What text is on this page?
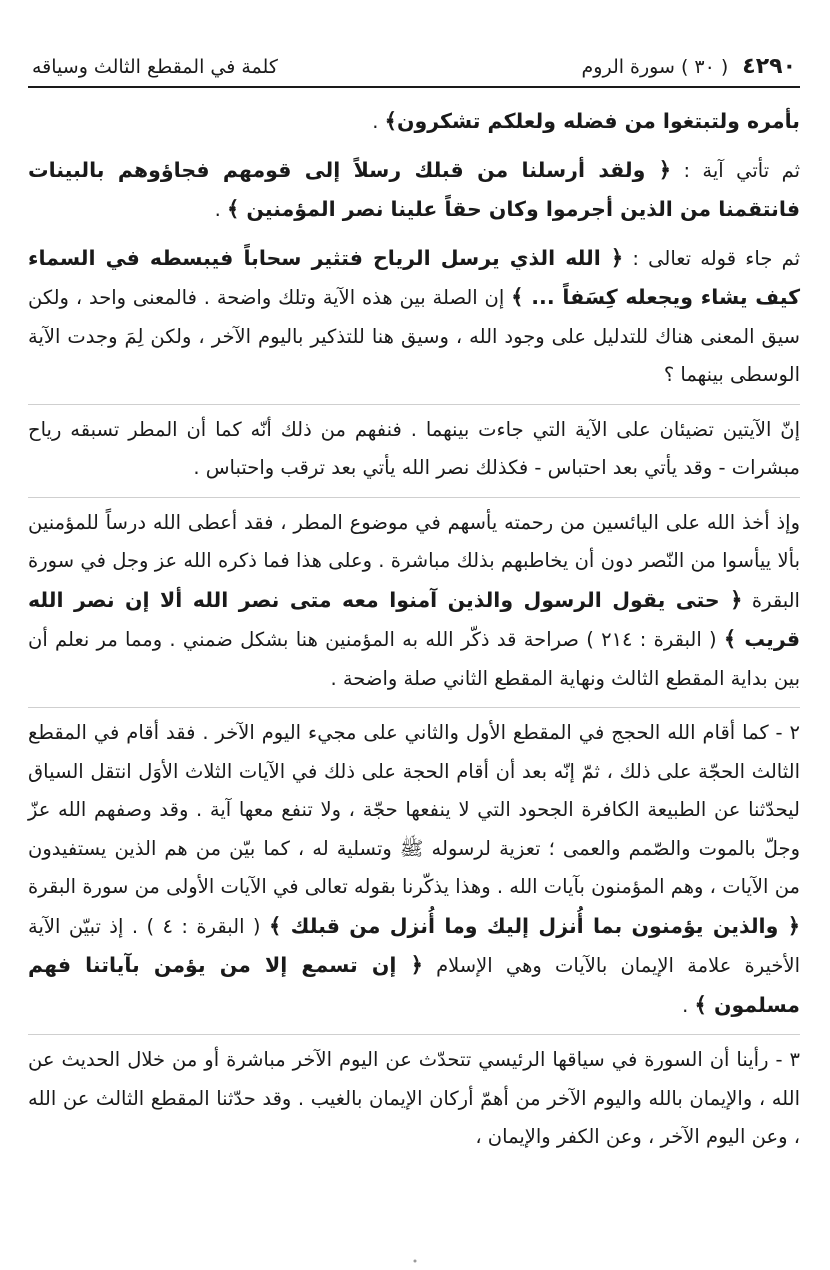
٤٢٩٠
( ٣٠ ) سورة الروم
كلمة في المقطع الثالث وسياقه

بأمره ولتبتغوا من فضله ولعلكم تشكرون﴾ .

ثم تأتي آية : ﴿ ولقد أرسلنا من قبلك رسلاً إلى قومهم فجاؤوهم بالبينات فانتقمنا من الذين أجرموا وكان حقاً علينا نصر المؤمنين ﴾ .

ثم جاء قوله تعالى : ﴿ الله الذي يرسل الرياح فتثير سحاباً فيبسطه في السماء كيف يشاء ويجعله كِسَفاً ... ﴾ إن الصلة بين هذه الآية وتلك واضحة . فالمعنى واحد ، ولكن سيق المعنى هناك للتدليل على وجود الله ، وسيق هنا للتذكير باليوم الآخر ، ولكن لِمَ وجدت الآية الوسطى بينهما ؟

إنّ الآيتين تضيئان على الآية التي جاءت بينهما . فنفهم من ذلك أنّه كما أن المطر تسبقه رياح مبشرات - وقد يأتي بعد احتباس - فكذلك نصر الله يأتي بعد ترقب واحتباس .

وإذ أخذ الله على اليائسين من رحمته يأسهم في موضوع المطر ، فقد أعطى الله درساً للمؤمنين بألا ييأسوا من النّصر دون أن يخاطبهم بذلك مباشرة . وعلى هذا فما ذكره الله عز وجل في سورة البقرة ﴿ حتى يقول الرسول والذين آمنوا معه متى نصر الله ألا إن نصر الله قريب ﴾ ( البقرة : ٢١٤ ) صراحة قد ذكّر الله به المؤمنين هنا بشكل ضمني . ومما مر نعلم أن بين بداية المقطع الثالث ونهاية المقطع الثاني صلة واضحة .

٢ - كما أقام الله الحجج في المقطع الأول والثاني على مجيء اليوم الآخر . فقد أقام في المقطع الثالث الحجّة على ذلك ، ثمّ إنّه بعد أن أقام الحجة على ذلك في الآيات الثلاث الأوَل انتقل السياق ليحدّثنا عن الطبيعة الكافرة الجحود التي لا ينفعها حجّة ، ولا تنفع معها آية . وقد وصفهم الله عزّ وجلّ بالموت والصّمم والعمى ؛ تعزية لرسوله ﷺ وتسلية له ، كما بيّن من هم الذين يستفيدون من الآيات ، وهم المؤمنون بآيات الله . وهذا يذكّرنا بقوله تعالى في الآيات الأولى من سورة البقرة ﴿ والذين يؤمنون بما أُنزل إليك وما أُنزل من قبلك ﴾ ( البقرة : ٤ ) . إذ تبيّن الآية الأخيرة علامة الإيمان بالآيات وهي الإسلام ﴿ إن تسمع إلا من يؤمن بآياتنا فهم مسلمون ﴾ .

٣ - رأينا أن السورة في سياقها الرئيسي تتحدّث عن اليوم الآخر مباشرة أو من خلال الحديث عن الله ، والإيمان بالله واليوم الآخر من أهمّ أركان الإيمان بالغيب . وقد حدّثنا المقطع الثالث عن الله ، وعن اليوم الآخر ، وعن الكفر والإيمان ،
